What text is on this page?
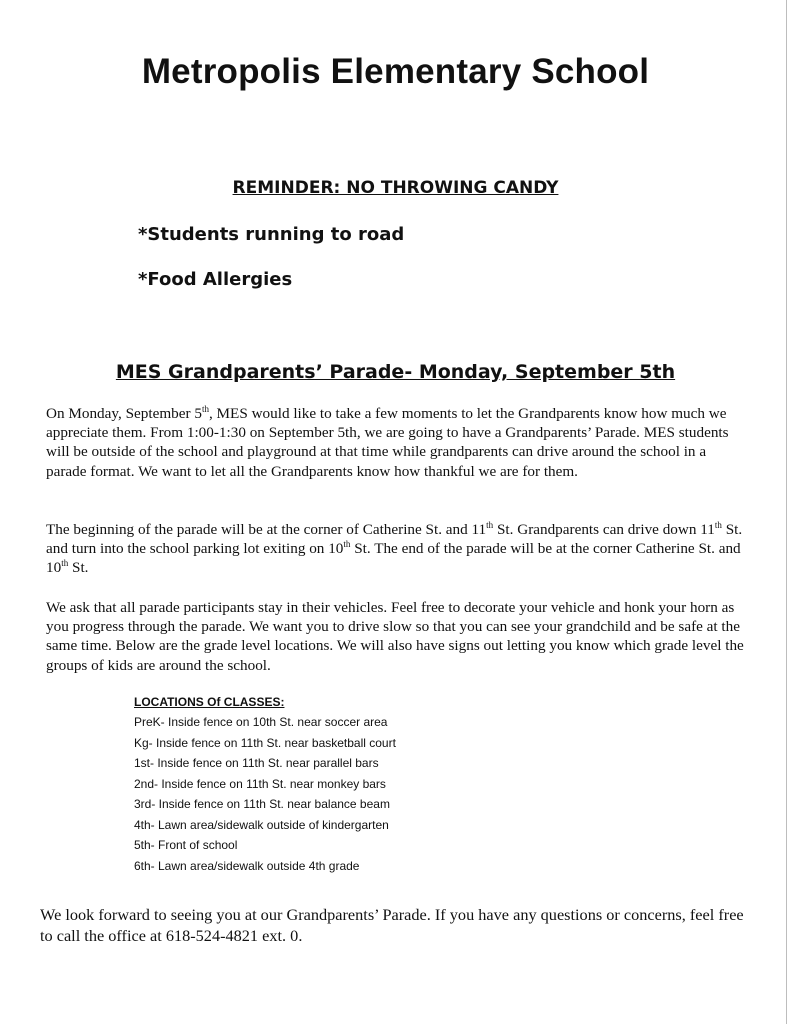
Metropolis Elementary School
REMINDER: NO THROWING CANDY

*Students running to road

*Food Allergies

MES Grandparents’ Parade- Monday, September 5th

On Monday, September 5th, MES would like to take a few moments to let the Grandparents know how much we appreciate them. From 1:00-1:30 on September 5th, we are going to have a Grandparents’ Parade. MES students will be outside of the school and playground at that time while grandparents can drive around the school in a parade format. We want to let all the Grandparents know how thankful we are for them.

The beginning of the parade will be at the corner of Catherine St. and 11th St. Grandparents can drive down 11th St. and turn into the school parking lot exiting on 10th St. The end of the parade will be at the corner Catherine St. and 10th St.

We ask that all parade participants stay in their vehicles. Feel free to decorate your vehicle and honk your horn as you progress through the parade. We want you to drive slow so that you can see your grandchild and be safe at the same time. Below are the grade level locations. We will also have signs out letting you know which grade level the groups of kids are around the school.

LOCATIONS Of CLASSES:

PreK- Inside fence on 10th St. near soccer area
Kg- Inside fence on 11th St. near basketball court
1st- Inside fence on 11th St. near parallel bars
2nd- Inside fence on 11th St. near monkey bars
3rd- Inside fence on 11th St. near balance beam
4th- Lawn area/sidewalk outside of kindergarten
5th- Front of school
6th- Lawn area/sidewalk outside 4th grade

We look forward to seeing you at our Grandparents’ Parade. If you have any questions or concerns, feel free to call the office at 618-524-4821 ext. 0.
